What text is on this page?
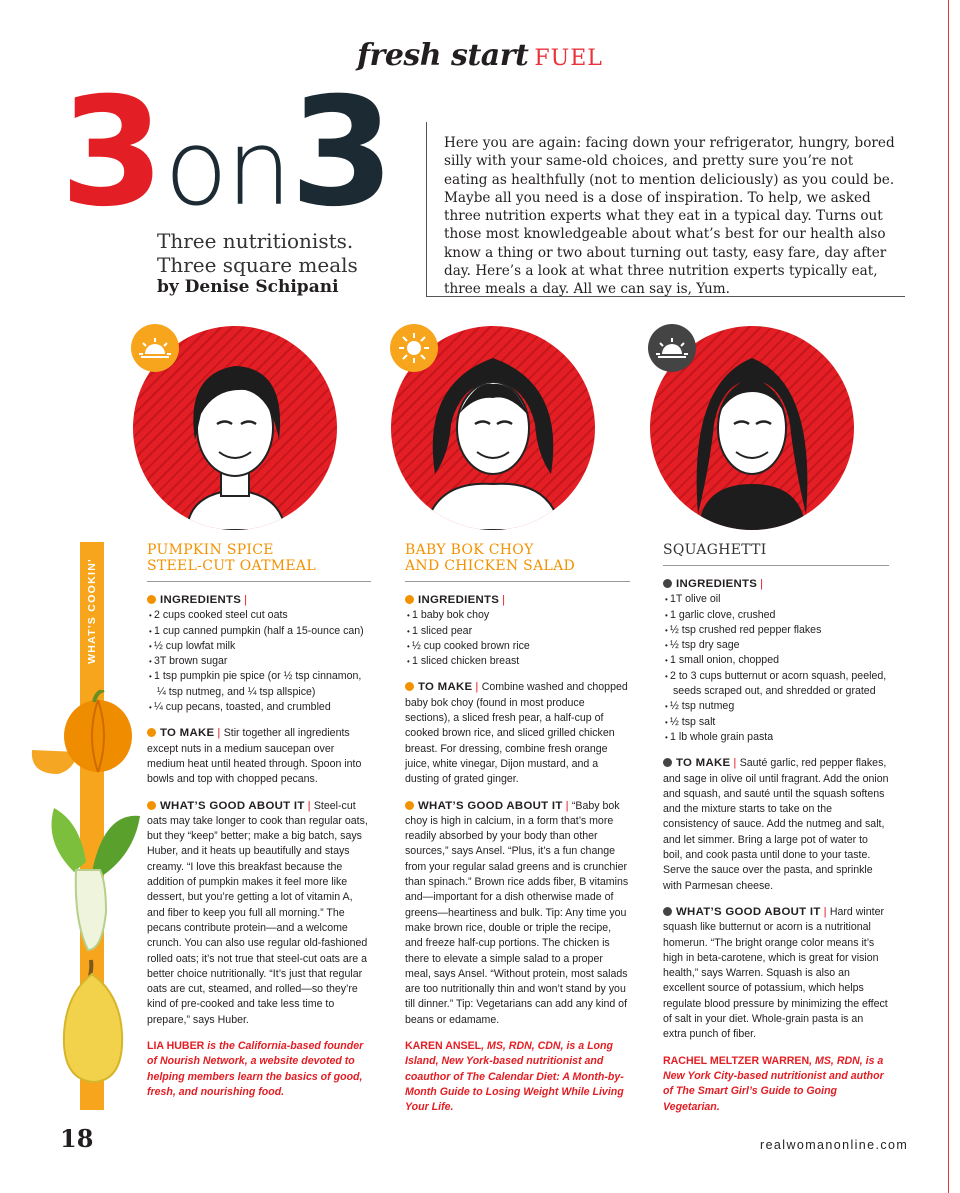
fresh start FUEL
3on3
Three nutritionists.
Three square meals
by Denise Schipani
Here you are again: facing down your refrigerator, hungry, bored silly with your same-old choices, and pretty sure you’re not eating as healthfully (not to mention deliciously) as you could be. Maybe all you need is a dose of inspiration. To help, we asked three nutrition experts what they eat in a typical day. Turns out those most knowledgeable about what’s best for our health also know a thing or two about turning out tasty, easy fare, day after day. Here’s a look at what three nutrition experts typically eat, three meals a day. All we can say is, Yum.
WHAT'S COOKIN'
PUMPKIN SPICE
STEEL-CUT OATMEAL
INGREDIENTS |
• 2 cups cooked steel cut oats
• 1 cup canned pumpkin (half a 15-ounce can)
• ½ cup lowfat milk
• 3T brown sugar
• 1 tsp pumpkin pie spice (or ½ tsp cinnamon, ¼ tsp nutmeg, and ¼ tsp allspice)
• ¼ cup pecans, toasted, and crumbled

TO MAKE | Stir together all ingredients except nuts in a medium saucepan over medium heat until heated through. Spoon into bowls and top with chopped pecans.

WHAT’S GOOD ABOUT IT | Steel-cut oats may take longer to cook than regular oats, but they “keep” better; make a big batch, says Huber, and it heats up beautifully and stays creamy. “I love this breakfast because the addition of pumpkin makes it feel more like dessert, but you’re getting a lot of vitamin A, and fiber to keep you full all morning.” The pecans contribute protein—and a welcome crunch. You can also use regular old-fashioned rolled oats; it’s not true that steel-cut oats are a better choice nutritionally. “It’s just that regular oats are cut, steamed, and rolled—so they’re kind of pre-cooked and take less time to prepare,” says Huber.

LIA HUBER is the California-based founder of Nourish Network, a website devoted to helping members learn the basics of good, fresh, and nourishing food.

BABY BOK CHOY
AND CHICKEN SALAD
INGREDIENTS |
• 1 baby bok choy
• 1 sliced pear
• ½ cup cooked brown rice
• 1 sliced chicken breast

TO MAKE | Combine washed and chopped baby bok choy (found in most produce sections), a sliced fresh pear, a half-cup of cooked brown rice, and sliced grilled chicken breast. For dressing, combine fresh orange juice, white vinegar, Dijon mustard, and a dusting of grated ginger.

WHAT’S GOOD ABOUT IT | “Baby bok choy is high in calcium, in a form that’s more readily absorbed by your body than other sources,” says Ansel. “Plus, it’s a fun change from your regular salad greens and is crunchier than spinach.” Brown rice adds fiber, B vitamins and—important for a dish otherwise made of greens—heartiness and bulk. Tip: Any time you make brown rice, double or triple the recipe, and freeze half-cup portions. The chicken is there to elevate a simple salad to a proper meal, says Ansel. “Without protein, most salads are too nutritionally thin and won’t stand by you till dinner.” Tip: Vegetarians can add any kind of beans or edamame.

KAREN ANSEL, MS, RDN, CDN, is a Long Island, New York-based nutritionist and coauthor of The Calendar Diet: A Month-by-Month Guide to Losing Weight While Living Your Life.

SQUAGHETTI
INGREDIENTS |
• 1T olive oil
• 1 garlic clove, crushed
• ½ tsp crushed red pepper flakes
• ½ tsp dry sage
• 1 small onion, chopped
• 2 to 3 cups butternut or acorn squash, peeled, seeds scraped out, and shredded or grated
• ½ tsp nutmeg
• ½ tsp salt
• 1 lb whole grain pasta

TO MAKE | Sauté garlic, red pepper flakes, and sage in olive oil until fragrant. Add the onion and squash, and sauté until the squash softens and the mixture starts to take on the consistency of sauce. Add the nutmeg and salt, and let simmer. Bring a large pot of water to boil, and cook pasta until done to your taste. Serve the sauce over the pasta, and sprinkle with Parmesan cheese.

WHAT’S GOOD ABOUT IT | Hard winter squash like butternut or acorn is a nutritional homerun. “The bright orange color means it’s high in beta-carotene, which is great for vision health,” says Warren. Squash is also an excellent source of potassium, which helps regulate blood pressure by minimizing the effect of salt in your diet. Whole-grain pasta is an extra punch of fiber.

RACHEL MELTZER WARREN, MS, RDN, is a New York City-based nutritionist and author of The Smart Girl’s Guide to Going Vegetarian.

18	realwomanonline.com
